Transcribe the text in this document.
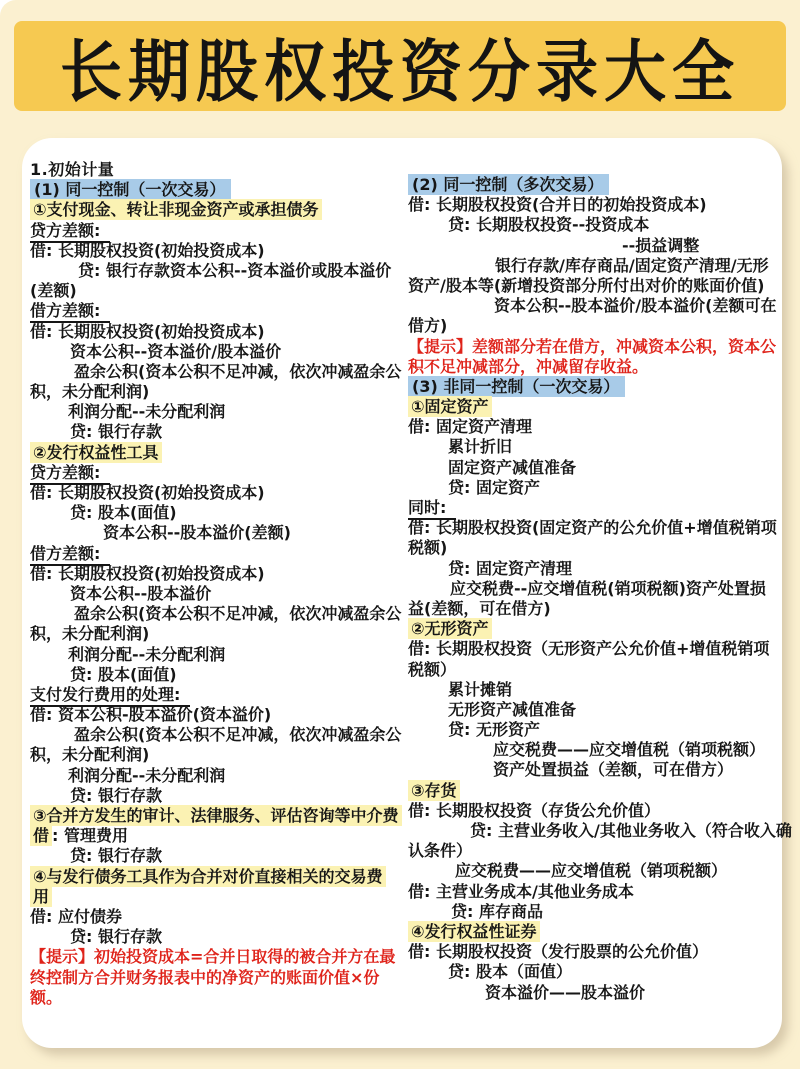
长期股权投资分录大全
1.初始计量
(1) 同一控制（一次交易）
①支付现金、转让非现金资产或承担债务
贷方差额:
借: 长期股权投资(初始投资成本)
贷: 银行存款资本公积--资本溢价或股本溢价
(差额)
借方差额:
借: 长期股权投资(初始投资成本)
资本公积--资本溢价/股本溢价
盈余公积(资本公积不足冲减，依次冲减盈余公
积，未分配利润)
利润分配--未分配利润
贷: 银行存款
②发行权益性工具
贷方差额:
借: 长期股权投资(初始投资成本)
贷: 股本(面值)
资本公积--股本溢价(差额)
借方差额:
借: 长期股权投资(初始投资成本)
资本公积--股本溢价
盈余公积(资本公积不足冲减，依次冲减盈余公
积，未分配利润)
利润分配--未分配利润
贷: 股本(面值)
支付发行费用的处理:
借: 资本公积-股本溢价(资本溢价)
盈余公积(资本公积不足冲减，依次冲减盈余公
积，未分配利润)
利润分配--未分配利润
贷: 银行存款
③合并方发生的审计、法律服务、评估咨询等中介费
借 : 管理费用
贷: 银行存款
④与发行债务工具作为合并对价直接相关的交易费
用
借: 应付债券
贷: 银行存款
【提示】初始投资成本=合并日取得的被合并方在最
终控制方合并财务报表中的净资产的账面价值×份
额。
(2) 同一控制（多次交易）
借: 长期股权投资(合并日的初始投资成本)
贷: 长期股权投资--投资成本
--损益调整
银行存款/库存商品/固定资产清理/无形
资产/股本等(新增投资部分所付出对价的账面价值)
资本公积--股本溢价/股本溢价(差额可在
借方)
【提示】差额部分若在借方，冲减资本公积，资本公
积不足冲减部分，冲减留存收益。
(3) 非同一控制（一次交易）
①固定资产
借: 固定资产清理
累计折旧
固定资产减值准备
贷: 固定资产
同时:
借: 长期股权投资(固定资产的公允价值+增值税销项
税额)
贷: 固定资产清理
应交税费--应交增值税(销项税额)资产处置损
益(差额，可在借方)
②无形资产
借: 长期股权投资（无形资产公允价值+增值税销项
税额）
累计摊销
无形资产减值准备
贷: 无形资产
应交税费——应交增值税（销项税额）
资产处置损益（差额，可在借方）
③存货
借: 长期股权投资（存货公允价值）
贷: 主营业务收入/其他业务收入（符合收入确
认条件）
应交税费——应交增值税（销项税额）
借: 主营业务成本/其他业务成本
贷: 库存商品
④发行权益性证券
借: 长期股权投资（发行股票的公允价值）
贷: 股本（面值）
资本溢价——股本溢价
